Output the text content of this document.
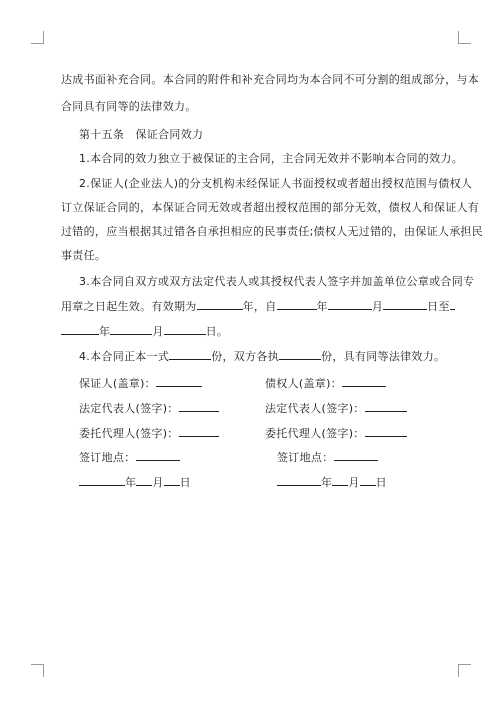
达成书面补充合同。本合同的附件和补充合同均为本合同不可分割的组成部分，与本
合同具有同等的法律效力。
第十五条　保证合同效力
1.本合同的效力独立于被保证的主合同，主合同无效并不影响本合同的效力。
2.保证人(企业法人)的分支机构未经保证人书面授权或者超出授权范围与债权人
订立保证合同的，本保证合同无效或者超出授权范围的部分无效，债权人和保证人有
过错的，应当根据其过错各自承担相应的民事责任;债权人无过错的，由保证人承担民
事责任。
3.本合同自双方或双方法定代表人或其授权代表人签字并加盖单位公章或合同专
用章之日起生效。有效期为	年，自	年	月	日至
年	月	日。
4.本合同正本一式	份，双方各执	份，具有同等法律效力。
保证人(盖章)：	债权人(盖章)：
法定代表人(签字)：	法定代表人(签字)：
委托代理人(签字)：	委托代理人(签字)：
签订地点：	签订地点：
年 月 日	年 月 日
